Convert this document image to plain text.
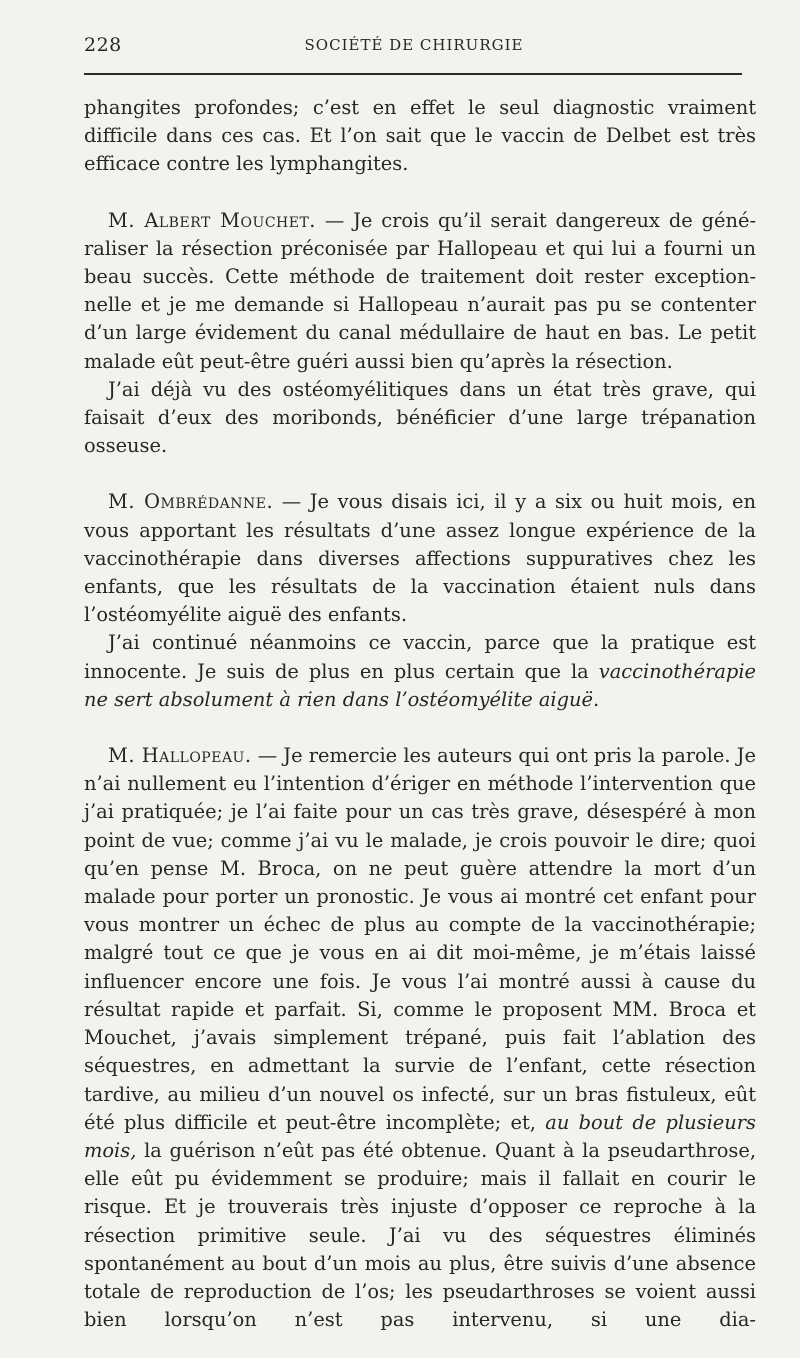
228	SOCIÉTÉ DE CHIRURGIE

phangites profondes; c’est en effet le seul diagnostic vraiment difficile dans ces cas. Et l’on sait que le vaccin de Delbet est très

efficace contre les lymphangites.

M. Albert Mouchet. — Je crois qu’il serait dangereux de géné- raliser la résection préconisée par Hallopeau et qui lui a fourni un beau succès. Cette méthode de traitement doit rester exception- nelle et je me demande si Hallopeau n’aurait pas pu se contenter d’un large évidement du canal médullaire de haut en bas. Le petit

malade eût peut-être guéri aussi bien qu’après la résection.

J’ai déjà vu des ostéomyélitiques dans un état très grave, qui faisait d’eux des moribonds, bénéficier d’une large trépanation

osseuse.

M. Ombrédanne. — Je vous disais ici, il y a six ou huit mois, en vous apportant les résultats d’une assez longue expérience de la vaccinothérapie dans diverses affections suppuratives chez les enfants, que les résultats de la vaccination étaient nuls dans

l’ostéomyélite aiguë des enfants.

J’ai continué néanmoins ce vaccin, parce que la pratique est innocente. Je suis de plus en plus certain que la vaccinothérapie

ne sert absolument à rien dans l’ostéomyélite aiguë.

M. Hallopeau. — Je remercie les auteurs qui ont pris la parole. Je n’ai nullement eu l’intention d’ériger en méthode l’intervention que j’ai pratiquée; je l’ai faite pour un cas très grave, désespéré à mon point de vue; comme j’ai vu le malade, je crois pouvoir le dire; quoi qu’en pense M. Broca, on ne peut guère attendre la mort d’un malade pour porter un pronostic. Je vous ai montré cet enfant pour vous montrer un échec de plus au compte de la vaccinothérapie; malgré tout ce que je vous en ai dit moi-même, je m’étais laissé influencer encore une fois. Je vous l’ai montré aussi à cause du résultat rapide et parfait. Si, comme le proposent MM. Broca et Mouchet, j’avais simplement trépané, puis fait l’ablation des séquestres, en admettant la survie de l’enfant, cette résection tardive, au milieu d’un nouvel os infecté, sur un bras fistuleux, eût été plus difficile et peut-être incomplète; et, au bout de plusieurs mois, la guérison n’eût pas été obtenue. Quant à la pseudarthrose, elle eût pu évidemment se produire; mais il fallait en courir le risque. Et je trouverais très injuste d’opposer ce reproche à la résection primitive seule. J’ai vu des séquestres éliminés spontanément au bout d’un mois au plus, être suivis d’une absence totale de reproduction de l’os; les pseudarthroses se voient aussi bien lorsqu’on n’est pas intervenu, si une dia-
